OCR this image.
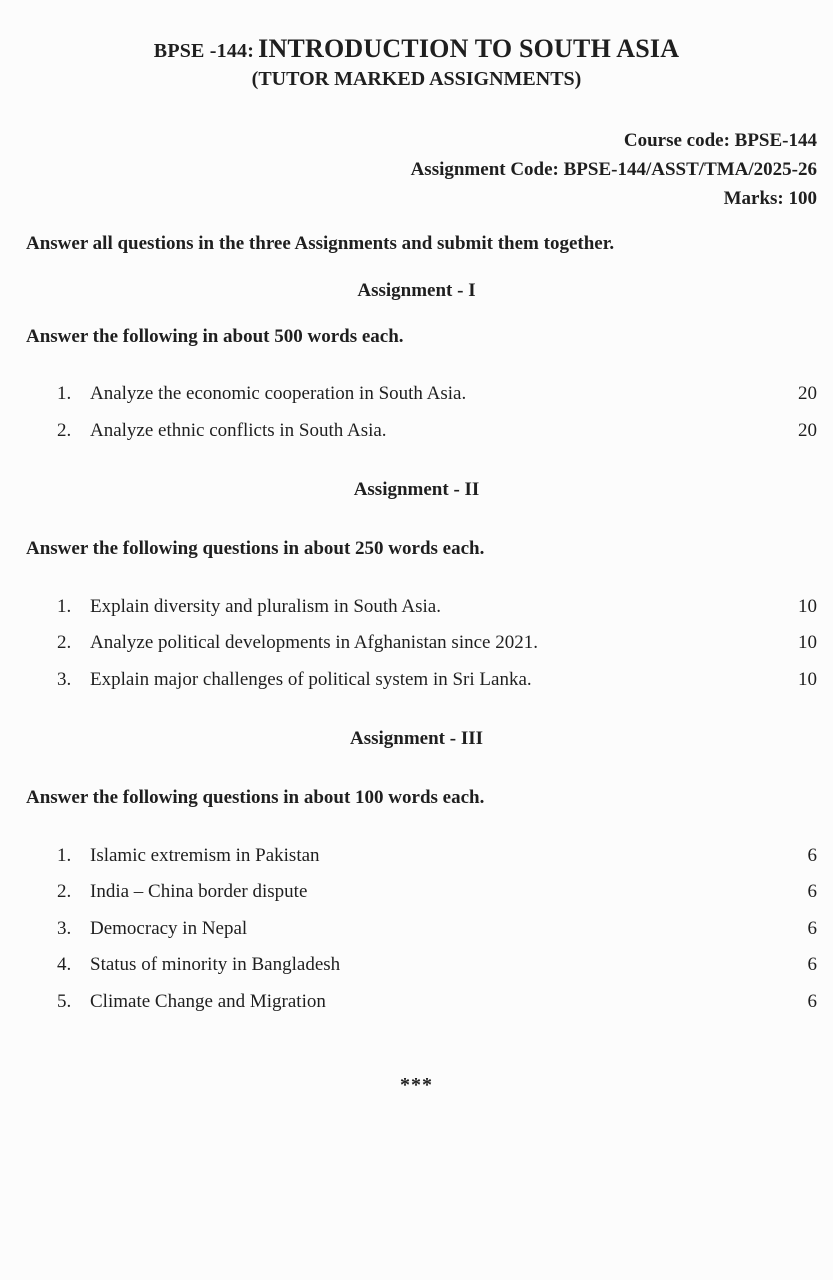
BPSE -144: INTRODUCTION TO SOUTH ASIA
(TUTOR MARKED ASSIGNMENTS)
Course code: BPSE-144
Assignment Code: BPSE-144/ASST/TMA/2025-26
Marks: 100
Answer all questions in the three Assignments and submit them together.
Assignment - I
Answer the following in about 500 words each.
1. Analyze the economic cooperation in South Asia.	20
2. Analyze ethnic conflicts in South Asia.	20
Assignment - II
Answer the following questions in about 250 words each.
1. Explain diversity and pluralism in South Asia.	10
2. Analyze political developments in Afghanistan since 2021.	10
3. Explain major challenges of political system in Sri Lanka.	10
Assignment - III
Answer the following questions in about 100 words each.
1. Islamic extremism in Pakistan	6
2. India – China border dispute	6
3. Democracy in Nepal	6
4. Status of minority in Bangladesh	6
5. Climate Change and Migration	6
***
